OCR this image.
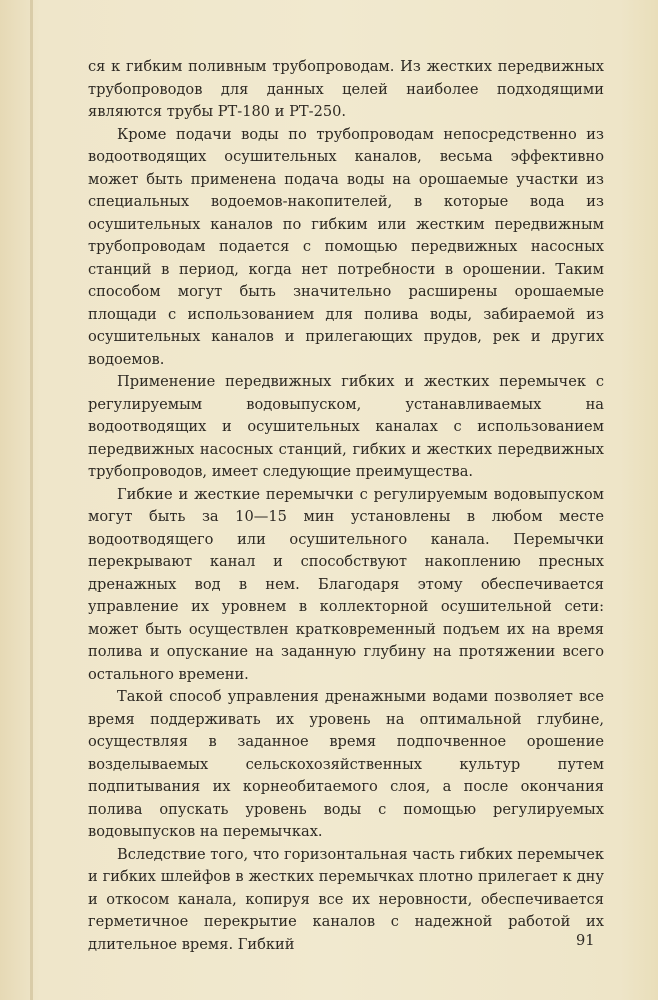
ся к гибким поливным трубопроводам. Из жестких передвижных трубопроводов для данных целей наиболее подходящими являются трубы РТ-180 и РТ-250.

Кроме подачи воды по трубопроводам непосредственно из водоотводящих осушительных каналов, весьма эффективно может быть применена подача воды на орошаемые участки из специальных водоемов-накопителей, в которые вода из осушительных каналов по гибким или жестким передвижным трубопроводам подается с помощью передвижных насосных станций в период, когда нет потребности в орошении. Таким способом могут быть значительно расширены орошаемые площади с использованием для полива воды, забираемой из осушительных каналов и прилегающих прудов, рек и других водоемов.

Применение передвижных гибких и жестких перемычек с регулируемым водовыпуском, устанавливаемых на водоотводящих и осушительных каналах с использованием передвижных насосных станций, гибких и жестких передвижных трубопроводов, имеет следующие преимущества.

Гибкие и жесткие перемычки с регулируемым водовыпуском могут быть за 10—15 мин установлены в любом месте водоотводящего или осушительного канала. Перемычки перекрывают канал и способствуют накоплению пресных дренажных вод в нем. Благодаря этому обеспечивается управление их уровнем в коллекторной осушительной сети: может быть осуществлен кратковременный подъем их на время полива и опускание на заданную глубину на протяжении всего остального времени.

Такой способ управления дренажными водами позволяет все время поддерживать их уровень на оптимальной глубине, осуществляя в заданное время подпочвенное орошение возделываемых сельскохозяйственных культур путем подпитывания их корнеобитаемого слоя, а после окончания полива опускать уровень воды с помощью регулируемых водовыпусков на перемычках.

Вследствие того, что горизонтальная часть гибких перемычек и гибких шлейфов в жестких перемычках плотно прилегает к дну и откосом канала, копируя все их неровности, обеспечивается герметичное перекрытие каналов с надежной работой их длительное время. Гибкий	91
